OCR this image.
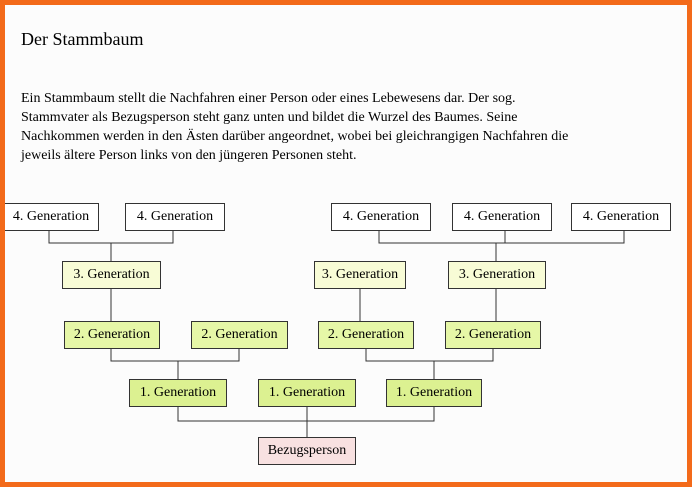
Der Stammbaum

Ein Stammbaum stellt die Nachfahren einer Person oder eines Lebewesens dar. Der sog. Stammvater als Bezugsperson steht ganz unten und bildet die Wurzel des Baumes. Seine Nachkommen werden in den Ästen darüber angeordnet, wobei bei gleichrangigen Nachfahren die jeweils ältere Person links von den jüngeren Personen steht.

4. Generation	4. Generation	4. Generation	4. Generation	4. Generation
3. Generation	3. Generation	3. Generation
2. Generation	2. Generation	2. Generation	2. Generation
1. Generation	1. Generation	1. Generation
Bezugsperson
